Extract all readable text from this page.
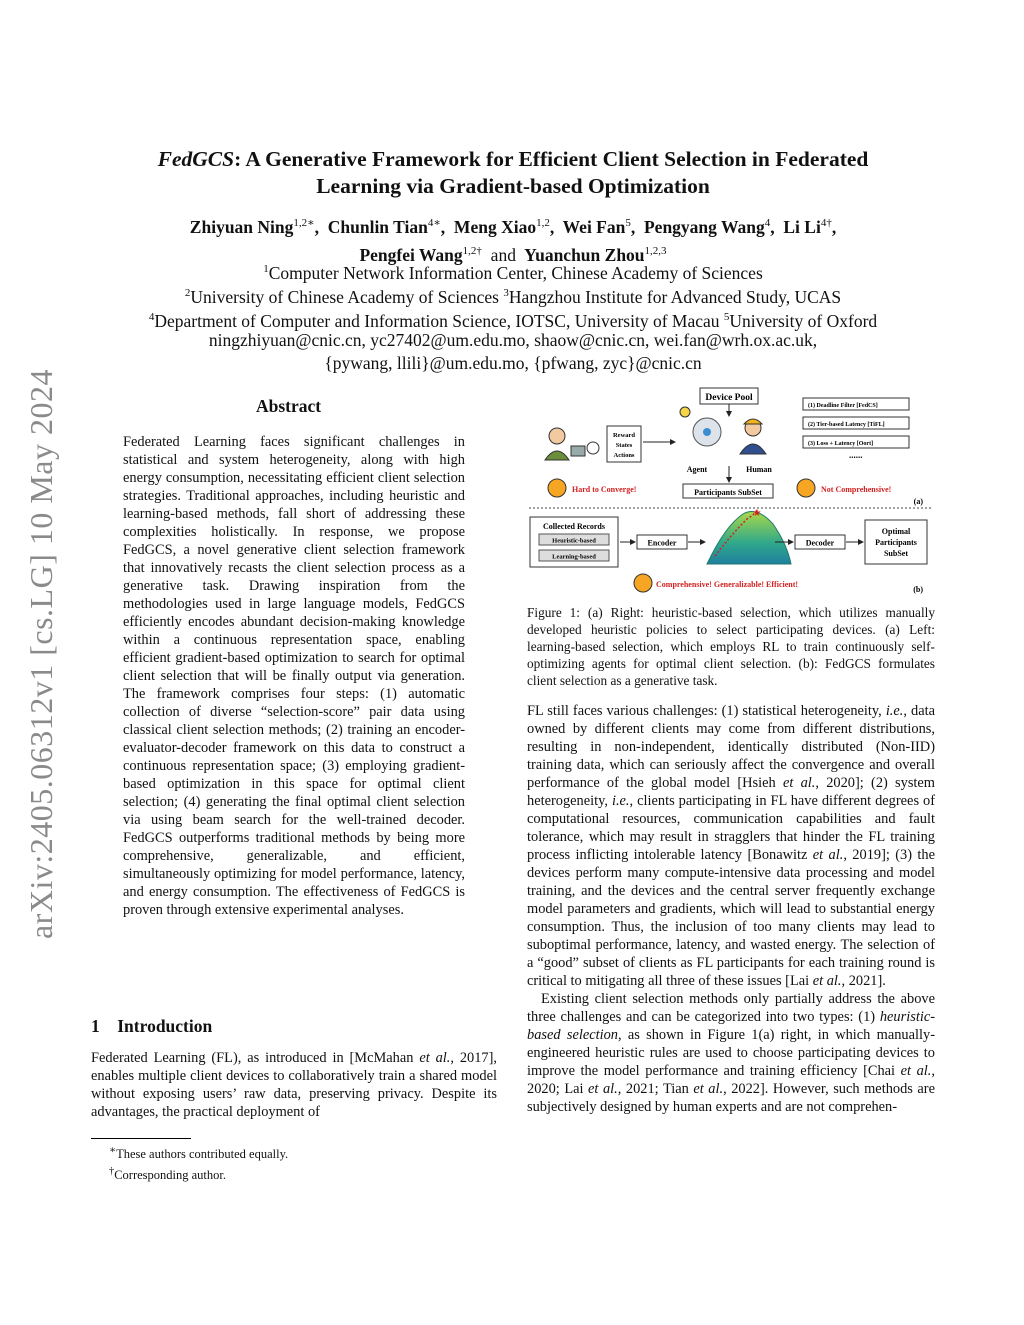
arXiv:2405.06312v1 [cs.LG] 10 May 2024
FedGCS: A Generative Framework for Efficient Client Selection in Federated
Learning via Gradient-based Optimization
Zhiyuan Ning$^{1,2∗}$, Chunlin Tian$^{4∗}$, Meng Xiao$^{1,2}$, Wei Fan$^5$, Pengyang Wang$^4$, Li $Li^{4\dagger}$,
Pengfei Wang$^{1,2\dagger}$ and Yuanchun Zhou$^{1,2,3}$
$^1$Computer Network Information Center, Chinese Academy of Sciences
$^2$University of Chinese Academy of Sciences $^3$Hangzhou Institute for Advanced Study, UCAS
$^4$Department of Computer and Information Science, IOTSC, University of Macau $^5$University of Oxford
ningzhiyuan@cnic.cn, yc27402@um.edu.mo, shaow@cnic.cn, wei.fan@wrh.ox.ac.uk,
{pywang, llili}@um.edu.mo, {pfwang, zyc}@cnic.cn
Abstract
Federated Learning faces significant challenges in statistical and system heterogeneity, along with high energy consumption, necessitating efficient client selection strategies. Traditional approaches, including heuristic and learning-based methods, fall short of addressing these complexities holistically. In response, we propose FedGCS, a novel generative client selection framework that innovatively recasts the client selection process as a generative task. Drawing inspiration from the methodologies used in large language models, FedGCS efficiently encodes abundant decision-making knowledge within a continuous representation space, enabling efficient gradient-based optimization to search for optimal client selection that will be finally output via generation. The framework comprises four steps: (1) automatic collection of diverse “selection-score” pair data using classical client selection methods; (2) training an encoder-evaluator-decoder framework on this data to construct a continuous representation space; (3) employing gradient-based optimization in this space for optimal client selection; (4) generating the final optimal client selection via using beam search for the well-trained decoder. FedGCS outperforms traditional methods by being more comprehensive, generalizable, and efficient, simultaneously optimizing for model performance, latency, and energy consumption. The effectiveness of FedGCS is proven through extensive experimental analyses.
1 Introduction
Federated Learning (FL), as introduced in [McMahan et al., 2017], enables multiple client devices to collaboratively train a shared model without exposing users’ raw data, preserving privacy. Despite its advantages, the practical deployment of
∗These authors contributed equally.
†Corresponding author.
Device Pool
(1) Deadline Filter [FedCS]
(2) Tier-based Latency [TiFL]
(3) Loss + Latency [Oort]
......
Human
Agent
Reward
States
Actions
Participants SubSet
Hard to Converge!	Not Comprehensive!
(a)
Collected Records
Heuristic-based
Learning-based
Encoder
★
Decoder
Optimal
Participants
SubSet
Comprehensive! Generalizable! Efficient!
(b)
Figure 1: (a) Right: heuristic-based selection, which utilizes manually developed heuristic policies to select participating devices. (a) Left: learning-based selection, which employs RL to train continuously self-optimizing agents for optimal client selection. (b): FedGCS formulates client selection as a generative task.

FL still faces various challenges: (1) statistical heterogeneity, i.e., data owned by different clients may come from different distributions, resulting in non-independent, identically distributed (Non-IID) training data, which can seriously affect the convergence and overall performance of the global model [Hsieh et al., 2020]; (2) system heterogeneity, i.e., clients participating in FL have different degrees of computational resources, communication capabilities and fault tolerance, which may result in stragglers that hinder the FL training process inflicting intolerable latency [Bonawitz et al., 2019]; (3) the devices perform many compute-intensive data processing and model training, and the devices and the central server frequently exchange model parameters and gradients, which will lead to substantial energy consumption. Thus, the inclusion of too many clients may lead to suboptimal performance, latency, and wasted energy. The selection of a “good” subset of clients as FL participants for each training round is critical to mitigating all three of these issues [Lai et al., 2021].

Existing client selection methods only partially address the above three challenges and can be categorized into two types: (1) heuristic-based selection, as shown in Figure 1(a) right, in which manually-engineered heuristic rules are used to choose participating devices to improve the model performance and training efficiency [Chai et al., 2020; Lai et al., 2021; Tian et al., 2022]. However, such methods are subjectively designed by human experts and are not comprehen-
